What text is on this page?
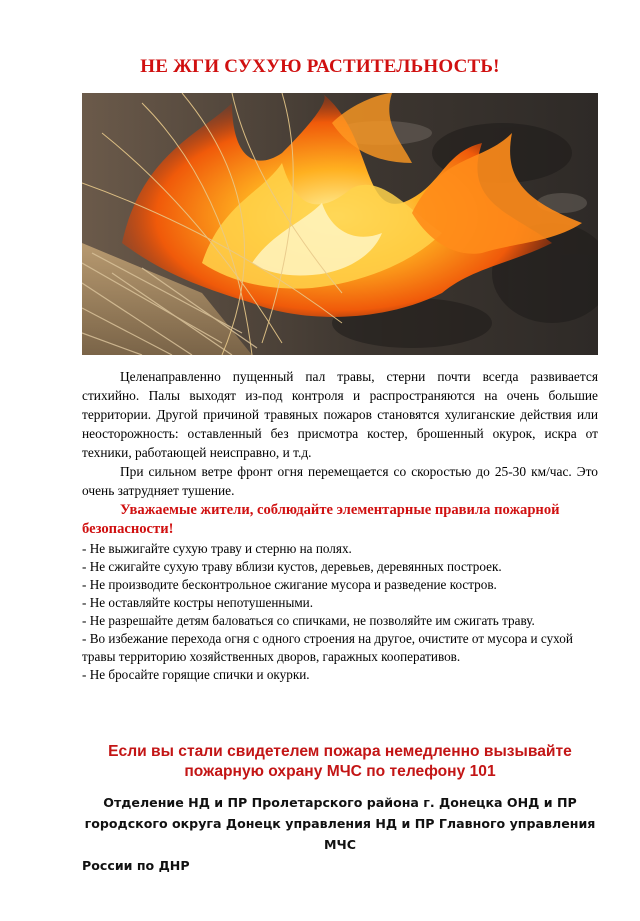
НЕ ЖГИ СУХУЮ РАСТИТЕЛЬНОСТЬ!

Целенаправленно пущенный пал травы, стерни почти всегда развивается стихийно. Палы выходят из-под контроля и распространяются на очень большие территории. Другой причиной травяных пожаров становятся хулиганские действия или неосторожность: оставленный без присмотра костер, брошенный окурок, искра от техники, работающей неисправно, и т.д.

При сильном ветре фронт огня перемещается со скоростью до 25-30 км/час. Это очень затрудняет тушение.

Уважаемые жители, соблюдайте элементарные правила пожарной безопасности!
- Не выжигайте сухую траву и стерню на полях.
- Не сжигайте сухую траву вблизи кустов, деревьев, деревянных построек.
- Не производите бесконтрольное сжигание мусора и разведение костров.
- Не оставляйте костры непотушенными.
- Не разрешайте детям баловаться со спичками, не позволяйте им сжигать траву.
- Во избежание перехода огня с одного строения на другое, очистите от мусора и сухой травы территорию хозяйственных дворов, гаражных кооперативов.
- Не бросайте горящие спички и окурки.
Если вы стали свидетелем пожара немедленно вызывайте пожарную охрану МЧС по телефону 101
Отделение НД и ПР Пролетарского района г. Донецка ОНД и ПР
городского округа Донецк управления НД и ПР Главного управления МЧС
России по ДНР
